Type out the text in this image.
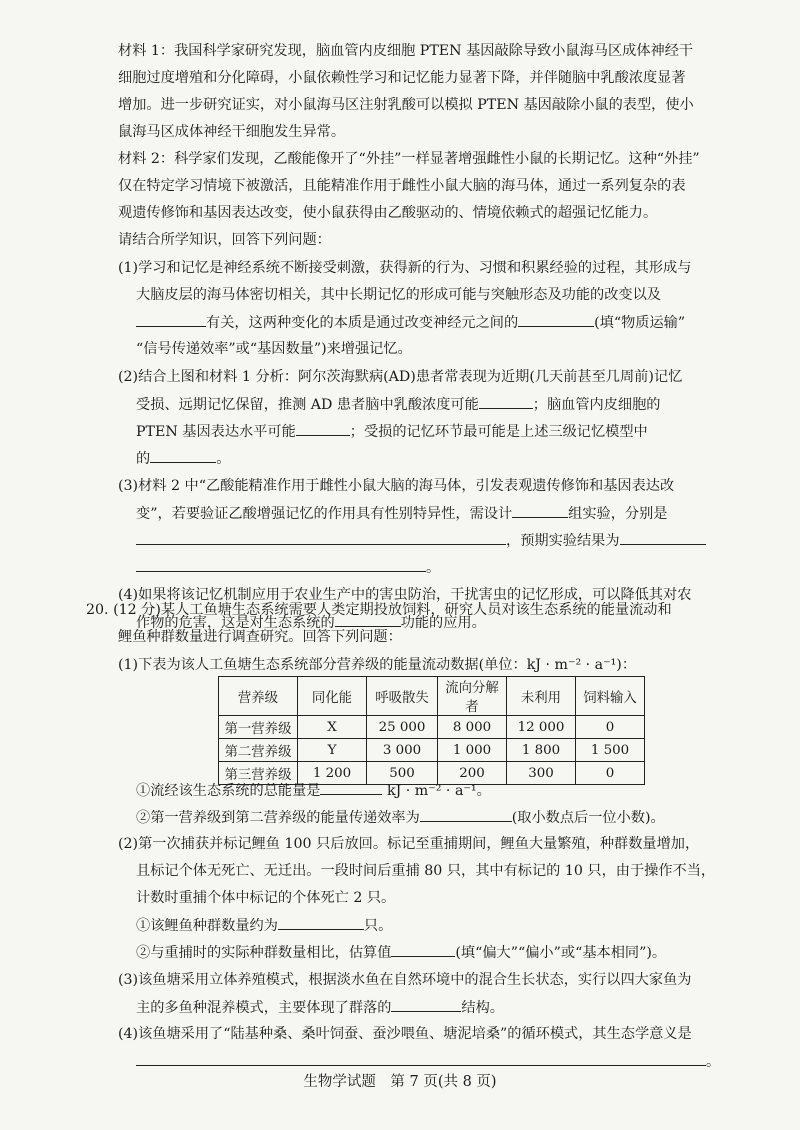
材料 1：我国科学家研究发现，脑血管内皮细胞 PTEN 基因敲除导致小鼠海马区成体神经干
细胞过度增殖和分化障碍，小鼠依赖性学习和记忆能力显著下降，并伴随脑中乳酸浓度显著
增加。进一步研究证实，对小鼠海马区注射乳酸可以模拟 PTEN 基因敲除小鼠的表型，使小
鼠海马区成体神经干细胞发生异常。
材料 2：科学家们发现，乙酸能像开了“外挂”一样显著增强雌性小鼠的长期记忆。这种“外挂”
仅在特定学习情境下被激活，且能精准作用于雌性小鼠大脑的海马体，通过一系列复杂的表
观遗传修饰和基因表达改变，使小鼠获得由乙酸驱动的、情境依赖式的超强记忆能力。
请结合所学知识，回答下列问题：
(1)学习和记忆是神经系统不断接受刺激，获得新的行为、习惯和积累经验的过程，其形成与
大脑皮层的海马体密切相关，其中长期记忆的形成可能与突触形态及功能的改变以及
有关，这两种变化的本质是通过改变神经元之间的	(填“物质运输”
“信号传递效率”或“基因数量”)来增强记忆。
(2)结合上图和材料 1 分析：阿尔茨海默病(AD)患者常表现为近期(几天前甚至几周前)记忆
受损、远期记忆保留，推测 AD 患者脑中乳酸浓度可能	；脑血管内皮细胞的
PTEN 基因表达水平可能	；受损的记忆环节最可能是上述三级记忆模型中
的	。
(3)材料 2 中“乙酸能精准作用于雌性小鼠大脑的海马体，引发表观遗传修饰和基因表达改
变”，若要验证乙酸增强记忆的作用具有性别特异性，需设计	组实验，分别是
，预期实验结果为
。
(4)如果将该记忆机制应用于农业生产中的害虫防治，干扰害虫的记忆形成，可以降低其对农
作物的危害，这是对生态系统的	功能的应用。
20. (12 分)某人工鱼塘生态系统需要人类定期投放饲料，研究人员对该生态系统的能量流动和
鲤鱼种群数量进行调查研究。回答下列问题：
(1)下表为该人工鱼塘生态系统部分营养级的能量流动数据(单位：kJ · m⁻² · a⁻¹)：
营养级	同化能	呼吸散失	流向分解者	未利用	饲料输入
第一营养级	X	25 000	8 000	12 000	0
第二营养级	Y	3 000	1 000	1 800	1 500
第三营养级	1 200	500	200	300	0
①流经该生态系统的总能量是	kJ · m⁻² · a⁻¹。
②第一营养级到第二营养级的能量传递效率为	(取小数点后一位小数)。
(2)第一次捕获并标记鲤鱼 100 只后放回。标记至重捕期间，鲤鱼大量繁殖，种群数量增加，
且标记个体无死亡、无迁出。一段时间后重捕 80 只，其中有标记的 10 只，由于操作不当，
计数时重捕个体中标记的个体死亡 2 只。
①该鲤鱼种群数量约为	只。
②与重捕时的实际种群数量相比，估算值	(填“偏大”“偏小”或“基本相同”)。
(3)该鱼塘采用立体养殖模式，根据淡水鱼在自然环境中的混合生长状态，实行以四大家鱼为
主的多鱼种混养模式，主要体现了群落的	结构。
(4)该鱼塘采用了“陆基种桑、桑叶饲蚕、蚕沙喂鱼、塘泥培桑”的循环模式，其生态学意义是
。
生物学试题　第 7 页(共 8 页)
